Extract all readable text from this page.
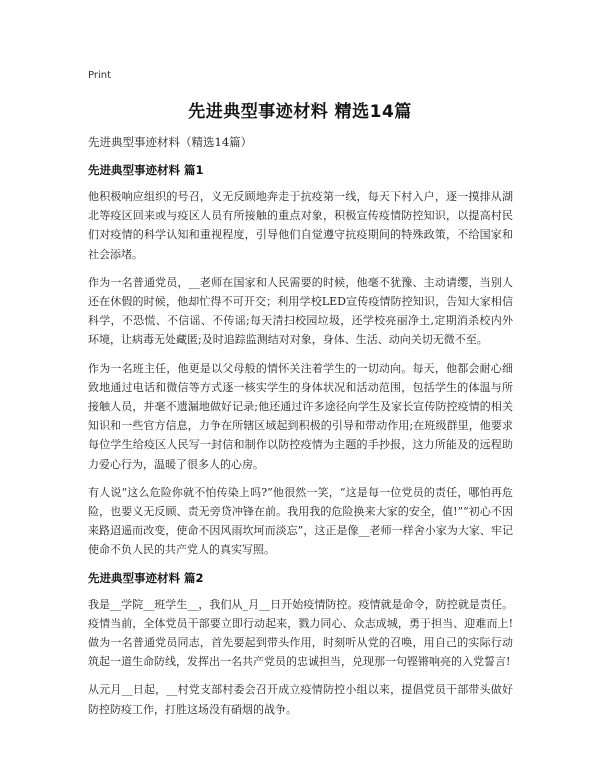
Print
先进典型事迹材料 精选14篇

先进典型事迹材料（精选14篇）

先进典型事迹材料 篇1

他积极响应组织的号召，义无反顾地奔走于抗疫第一线，每天下村入户，逐一摸排从湖北等疫区回来或与疫区人员有所接触的重点对象，积极宣传疫情防控知识，以提高村民们对疫情的科学认知和重视程度，引导他们自觉遵守抗疫期间的特殊政策，不给国家和社会添堵。

作为一名普通党员，__老师在国家和人民需要的时候，他毫不犹豫、主动请缨，当别人还在休假的时候，他却忙得不可开交；利用学校LED宣传疫情防控知识，告知大家相信科学，不恐慌、不信谣、不传谣;每天清扫校园垃圾，还学校亮丽净土,定期消杀校内外环境，让病毒无处藏匿;及时追踪监测结对对象，身体、生活、动向关切无微不至。

作为一名班主任，他更是以父母般的情怀关注着学生的一切动向。每天，他都会耐心细致地通过电话和微信等方式逐一核实学生的身体状况和活动范围，包括学生的体温与所接触人员，并毫不遗漏地做好记录;他还通过许多途径向学生及家长宣传防控疫情的相关知识和一些官方信息，力争在所辖区域起到积极的引导和带动作用;在班级群里，他要求每位学生给疫区人民写一封信和制作以防控疫情为主题的手抄报，这力所能及的远程助力爱心行为，温暖了很多人的心房。

有人说“这么危险你就不怕传染上吗?”他很然一笑，“这是每一位党员的责任，哪怕再危险，也要义无反顾、责无旁贷冲锋在前。我用我的危险换来大家的安全，值!”“初心不因来路迢遥而改变，使命不因风雨坎坷而淡忘”，这正是像__老师一样舍小家为大家、牢记使命不负人民的共产党人的真实写照。

先进典型事迹材料 篇2

我是__学院__班学生__，我们从_月__日开始疫情防控。疫情就是命令，防控就是责任。疫情当前，全体党员干部要立即行动起来，戮力同心、众志成城，勇于担当、迎难而上!做为一名普通党员同志，首先要起到带头作用，时刻听从党的召唤，用自己的实际行动筑起一道生命防线，发挥出一名共产党员的忠诚担当，兑现那一句铿锵响亮的入党誓言!

从元月__日起，__村党支部村委会召开成立疫情防控小组以来，提倡党员干部带头做好防控防疫工作，打胜这场没有硝烟的战争。
